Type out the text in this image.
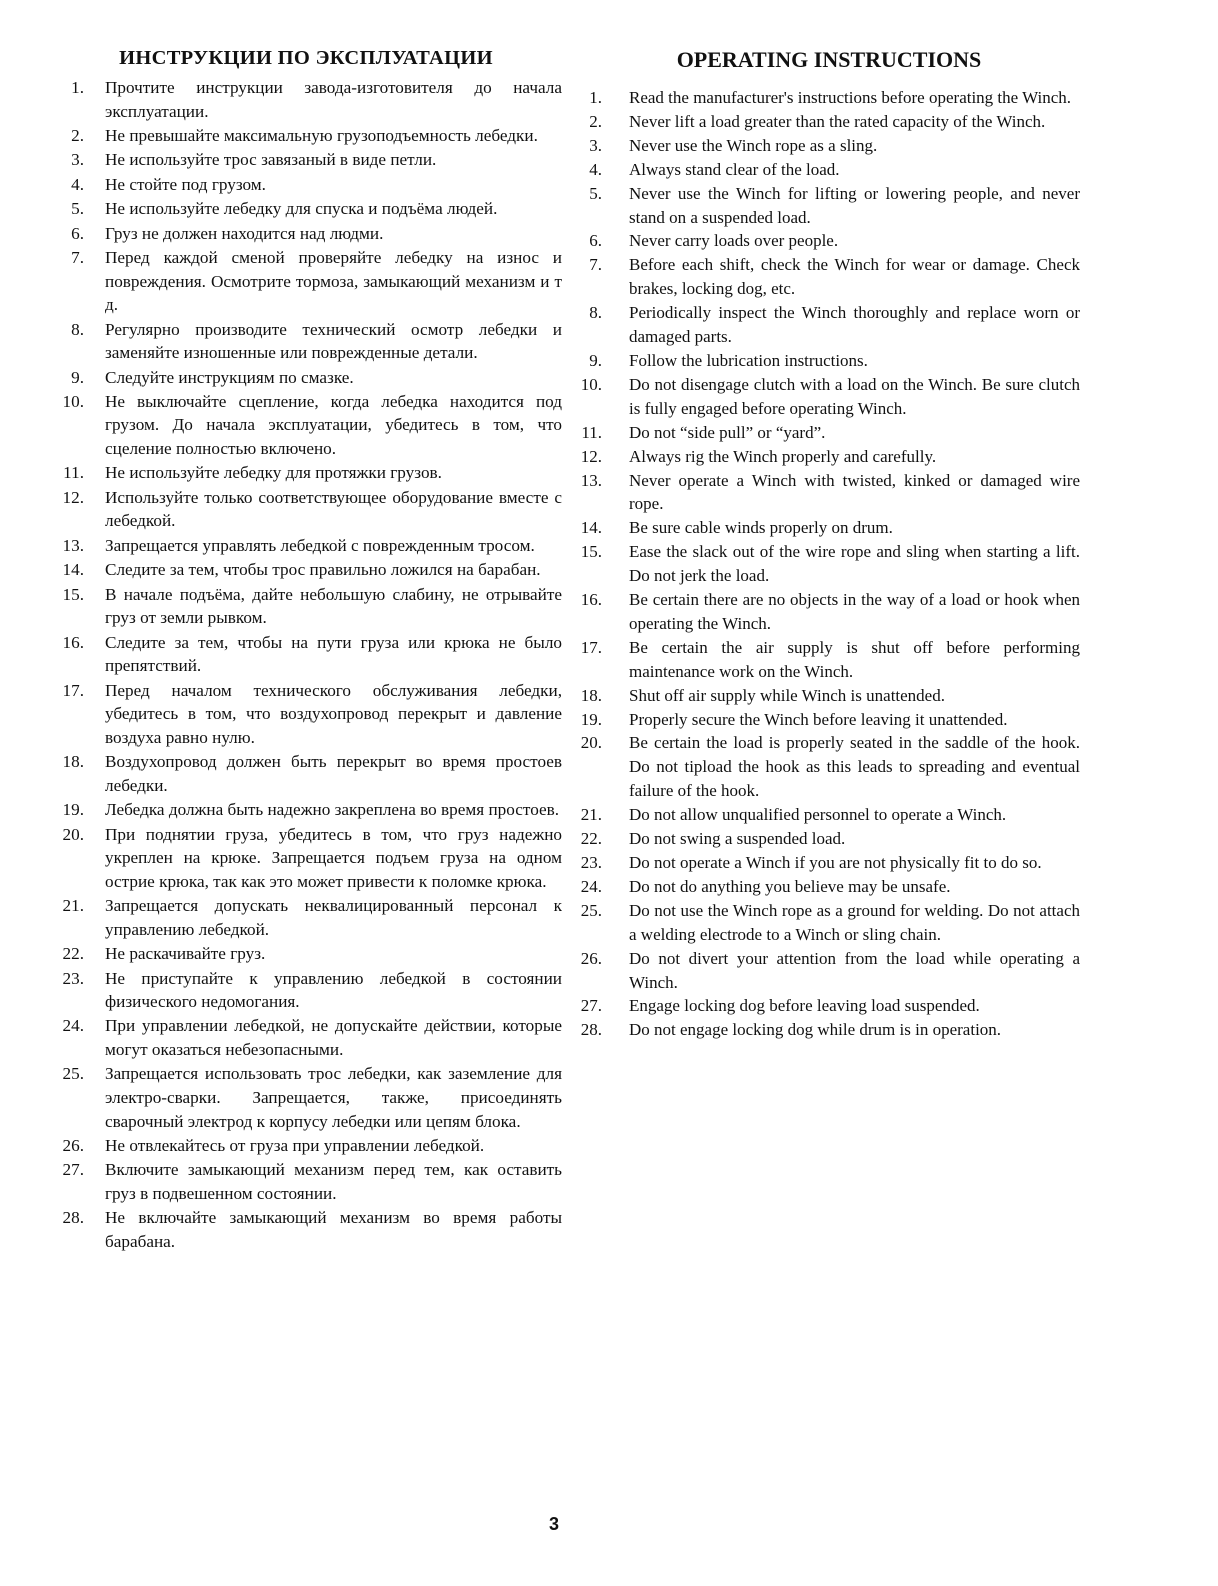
ИНСТРУКЦИИ ПО ЭКСПЛУАТАЦИИ
1. Прочтите инструкции завода-изготовителя до начала эксплуатации.
2. Не превышайте максимальную грузоподъемность лебедки.
3. Не используйте трос завязаный в виде петли.
4. Не стойте под грузом.
5. Не используйте лебедку для спуска и подъёма людей.
6. Груз не должен находится над людми.
7. Перед каждой сменой проверяйте лебедку на износ и повреждения. Осмотрите тормоза, замыкающий механизм и т д.
8. Регулярно производите технический осмотр лебедки и заменяйте изношенные или поврежденные детали.
9. Следуйте инструкциям по смазке.
10. Не выключайте сцепление, когда лебедка находится под грузом. До начала эксплуатации, убедитесь в том, что сцеление полностью включено.
11. Не используйте лебедку для протяжки грузов.
12. Используйте только соответствующее оборудование вместе с лебедкой.
13. Запрещается управлять лебедкой с поврежденным тросом.
14. Следите за тем, чтобы трос правильно ложился на барабан.
15. В начале подъёма, дайте небольшую слабину, не отрывайте груз от земли рывком.
16. Следите за тем, чтобы на пути груза или крюка не было препятствий.
17. Перед началом технического обслуживания лебедки, убедитесь в том, что воздухопровод перекрыт и давление воздуха равно нулю.
18. Воздухопровод должен быть перекрыт во время простоев лебедки.
19. Лебедка должна быть надежно закреплена во время простоев.
20. При поднятии груза, убедитесь в том, что груз надежно укреплен на крюке. Запрещается подъем груза на одном острие крюка, так как это может привести к поломке крюка.
21. Запрещается допускать неквалицированный персонал к управлению лебедкой.
22. Не раскачивайте груз.
23. Не приступайте к управлению лебедкой в состоянии физического недомогания.
24. При управлении лебедкой, не допускайте действии, которые могут оказаться небезопасными.
25. Запрещается использовать трос лебедки, как заземление для электро-сварки. Запрещается, также, присоединять сварочный электрод к корпусу лебедки или цепям блока.
26. Не отвлекайтесь от груза при управлении лебедкой.
27. Включите замыкающий механизм перед тем, как оставить груз в подвешенном состоянии.
28. Не включайте замыкающий механизм во время работы барабана.
OPERATING INSTRUCTIONS
1. Read the manufacturer's instructions before operating the Winch.
2. Never lift a load greater than the rated capacity of the Winch.
3. Never use the Winch rope as a sling.
4. Always stand clear of the load.
5. Never use the Winch for lifting or lowering people, and never stand on a suspended load.
6. Never carry loads over people.
7. Before each shift, check the Winch for wear or damage. Check brakes, locking dog, etc.
8. Periodically inspect the Winch thoroughly and replace worn or damaged parts.
9. Follow the lubrication instructions.
10. Do not disengage clutch with a load on the Winch. Be sure clutch is fully engaged before operating Winch.
11. Do not “side pull” or “yard”.
12. Always rig the Winch properly and carefully.
13. Never operate a Winch with twisted, kinked or damaged wire rope.
14. Be sure cable winds properly on drum.
15. Ease the slack out of the wire rope and sling when starting a lift. Do not jerk the load.
16. Be certain there are no objects in the way of a load or hook when operating the Winch.
17. Be certain the air supply is shut off before performing maintenance work on the Winch.
18. Shut off air supply while Winch is unattended.
19. Properly secure the Winch before leaving it unattended.
20. Be certain the load is properly seated in the saddle of the hook. Do not tipload the hook as this leads to spreading and eventual failure of the hook.
21. Do not allow unqualified personnel to operate a Winch.
22. Do not swing a suspended load.
23. Do not operate a Winch if you are not physically fit to do so.
24. Do not do anything you believe may be unsafe.
25. Do not use the Winch rope as a ground for welding. Do not attach a welding electrode to a Winch or sling chain.
26. Do not divert your attention from the load while operating a Winch.
27. Engage locking dog before leaving load suspended.
28. Do not engage locking dog while drum is in operation.
3
